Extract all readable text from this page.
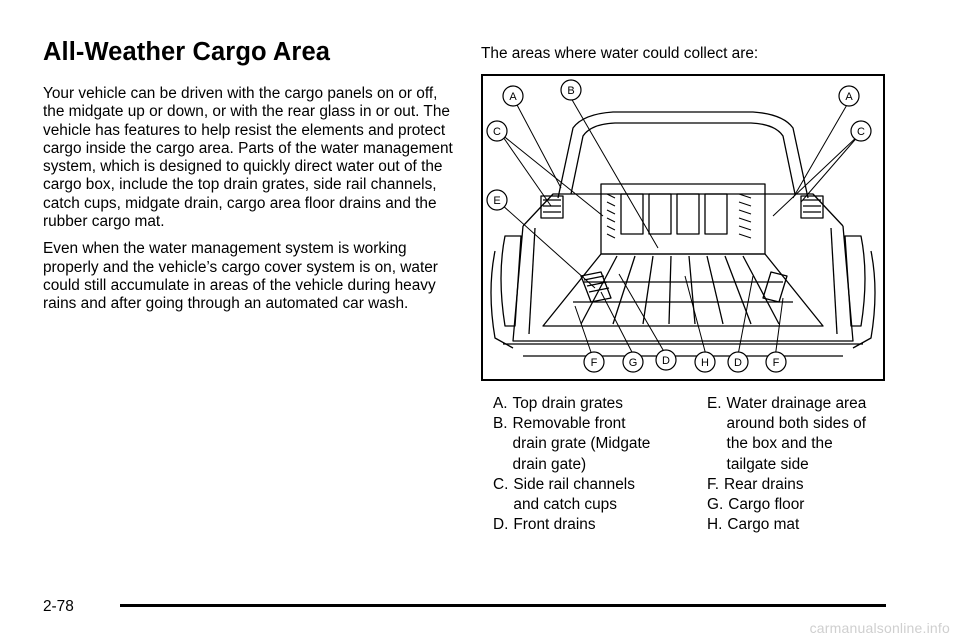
All-Weather Cargo Area

Your vehicle can be driven with the cargo panels on or off, the midgate up or down, or with the rear glass in or out. The vehicle has features to help resist the elements and protect cargo inside the cargo area. Parts of the water management system, which is designed to quickly direct water out of the cargo box, include the top drain grates, side rail channels, catch cups, midgate drain, cargo area floor drains and the rubber cargo mat.

Even when the water management system is working properly and the vehicle’s cargo cover system is on, water could still accumulate in areas of the vehicle during heavy rains and after going through an automated car wash.

The areas where water could collect are:
A	B	A
C	C
E
F	G D	H D	F
A. Top drain grates
B. Removable front drain grate (Midgate drain gate)
C. Side rail channels and catch cups
D. Front drains
E. Water drainage area around both sides of the box and the tailgate side
F. Rear drains
G. Cargo floor
H. Cargo mat
2-78
carmanualsonline.info
